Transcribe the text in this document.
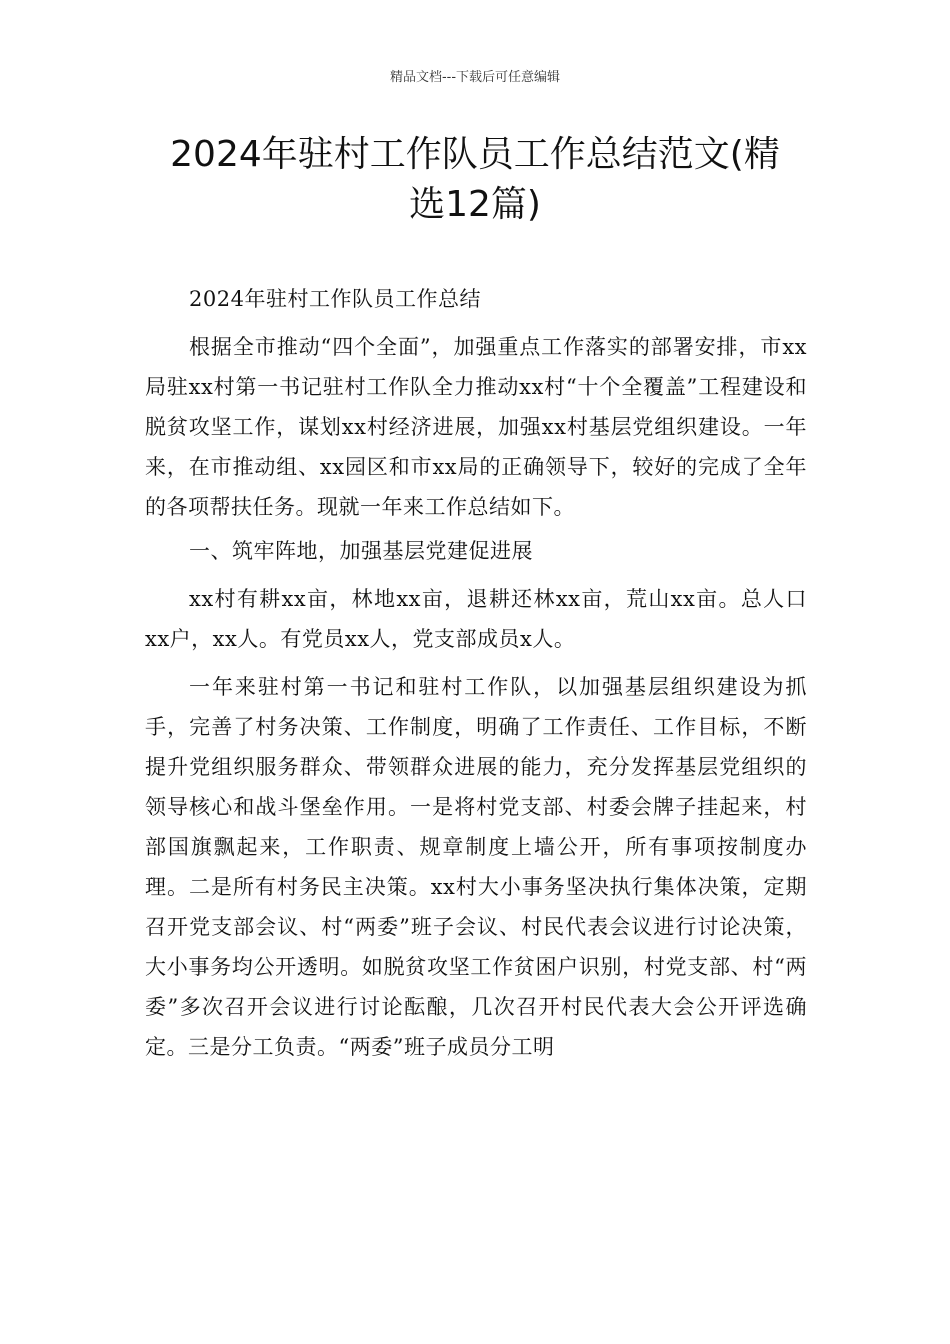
精品文档---下载后可任意编辑
2024年驻村工作队员工作总结范文(精
选12篇)

2024年驻村工作队员工作总结

根据全市推动“四个全面”，加强重点工作落实的部署安排，市xx局驻xx村第一书记驻村工作队全力推动xx村“十个全覆盖”工程建设和脱贫攻坚工作，谋划xx村经济进展，加强xx村基层党组织建设。一年来，在市推动组、xx园区和市xx局的正确领导下，较好的完成了全年的各项帮扶任务。现就一年来工作总结如下。

一、筑牢阵地，加强基层党建促进展

xx村有耕xx亩，林地xx亩，退耕还林xx亩，荒山xx亩。总人口xx户，xx人。有党员xx人，党支部成员x人。

一年来驻村第一书记和驻村工作队，以加强基层组织建设为抓手，完善了村务决策、工作制度，明确了工作责任、工作目标，不断提升党组织服务群众、带领群众进展的能力，充分发挥基层党组织的领导核心和战斗堡垒作用。一是将村党支部、村委会牌子挂起来，村部国旗飘起来，工作职责、规章制度上墙公开，所有事项按制度办理。二是所有村务民主决策。xx村大小事务坚决执行集体决策，定期召开党支部会议、村“两委”班子会议、村民代表会议进行讨论决策，大小事务均公开透明。如脱贫攻坚工作贫困户识别，村党支部、村“两委”多次召开会议进行讨论酝酿，几次召开村民代表大会公开评选确定。三是分工负责。“两委”班子成员分工明
